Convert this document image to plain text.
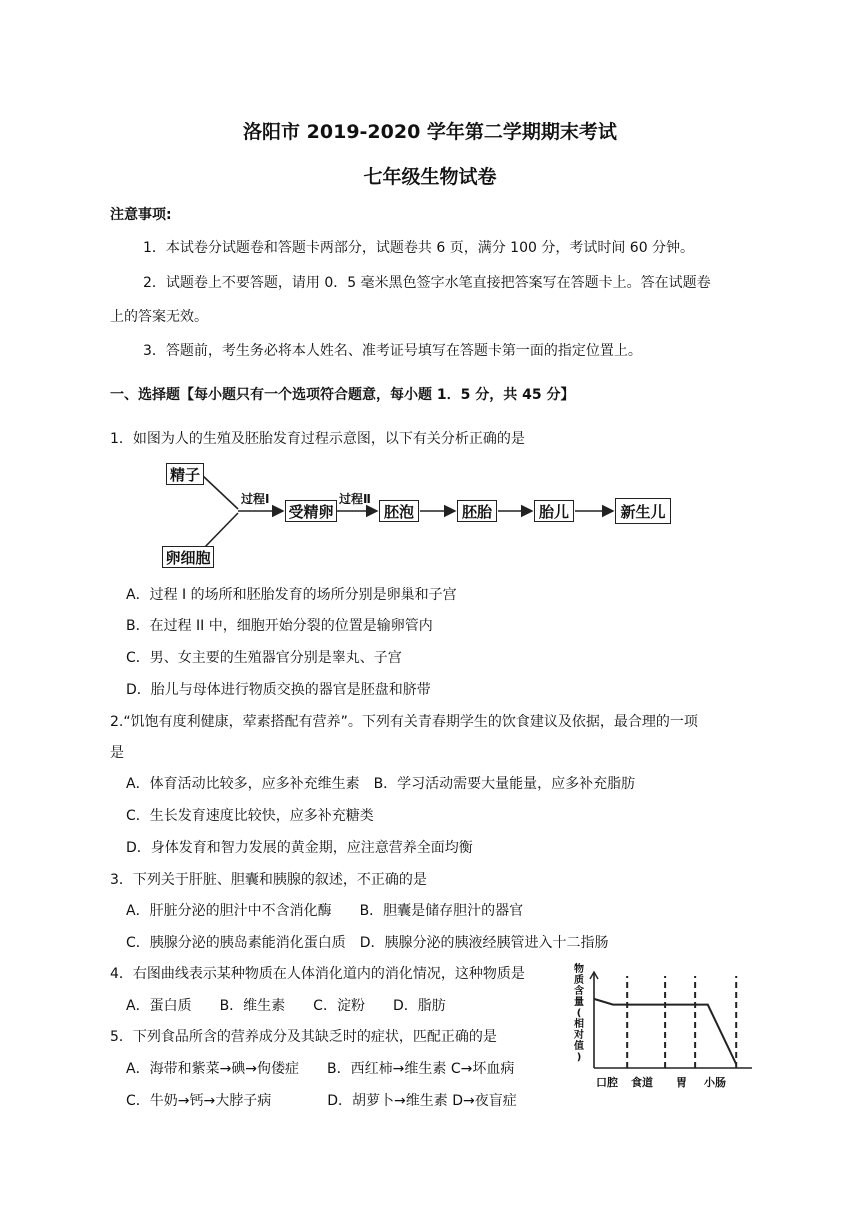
洛阳市 2019-2020 学年第二学期期末考试
七年级生物试卷
注意事项:
1．本试卷分试题卷和答题卡两部分，试题卷共 6 页，满分 100 分，考试时间 60 分钟。
2．试题卷上不要答题，请用 0．5 毫米黑色签字水笔直接把答案写在答题卡上。答在试题卷
上的答案无效。
3．答题前，考生务必将本人姓名、准考证号填写在答题卡第一面的指定位置上。
一、选择题【每小题只有一个选项符合题意，每小题 1．5 分，共 45 分】
1．如图为人的生殖及胚胎发育过程示意图，以下有关分析正确的是
精子
卵细胞
过程Ⅰ	过程Ⅱ
受精卵	胚泡	胚胎	胎儿	新生儿
A．过程 I 的场所和胚胎发育的场所分别是卵巢和子宫
B．在过程 II 中，细胞开始分裂的位置是输卵管内
C．男、女主要的生殖器官分别是睾丸、子宫
D．胎儿与母体进行物质交换的器官是胚盘和脐带
2.“饥饱有度利健康，荤素搭配有营养”。下列有关青春期学生的饮食建议及依据，最合理的一项
是
A．体育活动比较多，应多补充维生素　B．学习活动需要大量能量，应多补充脂肪
C．生长发育速度比较快，应多补充糖类
D．身体发育和智力发展的黄金期，应注意营养全面均衡
3．下列关于肝脏、胆囊和胰腺的叙述，不正确的是
A．肝脏分泌的胆汁中不含消化酶　　B．胆囊是储存胆汁的器官
C．胰腺分泌的胰岛素能消化蛋白质　D．胰腺分泌的胰液经胰管进入十二指肠
4．右图曲线表示某种物质在人体消化道内的消化情况，这种物质是
A．蛋白质　　B．维生素　　C．淀粉　　D．脂肪
物
质
含
量
(
相
对
值
)
口腔 食道 胃 小肠
5．下列食品所含的营养成分及其缺乏时的症状，匹配正确的是
A．海带和紫菜→碘→佝偻症　　B．西红柿→维生素 C→坏血病
C．牛奶→钙→大脖子病　　　　D．胡萝卜→维生素 D→夜盲症
